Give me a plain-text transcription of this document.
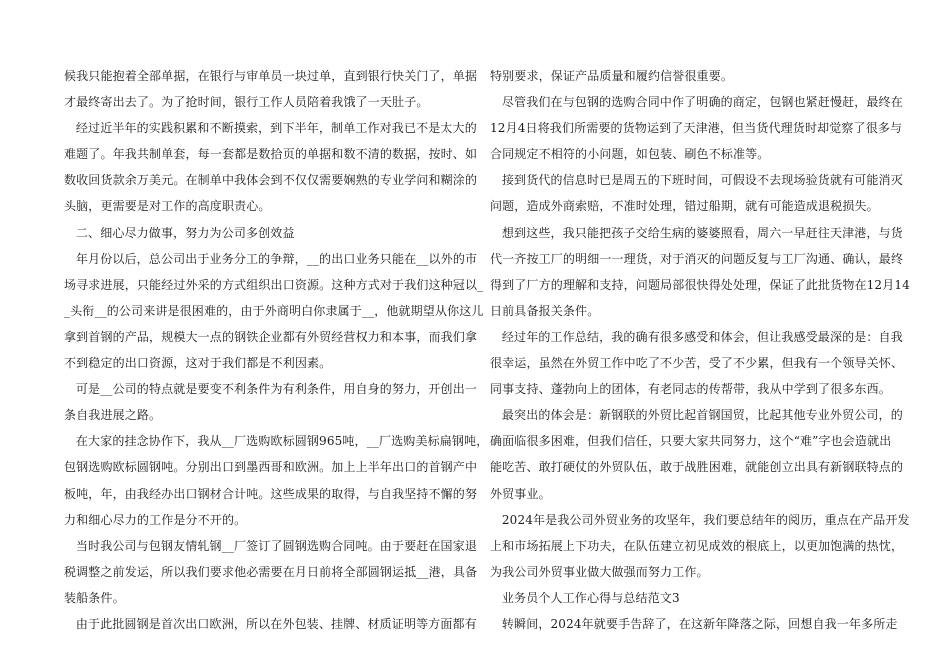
候我只能抱着全部单据，在银行与审单员一块过单，直到银行快关门了，单据

才最终寄出去了。为了抢时间，银行工作人员陪着我饿了一天肚子。

经过近半年的实践积累和不断摸索，到下半年，制单工作对我已不是太大的

难题了。年我共制单套，每一套都是数拾页的单据和数不清的数据，按时、如

数收回货款余万美元。在制单中我体会到不仅仅需要娴熟的专业学问和糊涂的

头脑，更需要是对工作的高度职责心。

二、细心尽力做事，努力为公司多创效益

年月份以后，总公司出于业务分工的争辩，__的出口业务只能在__以外的市

场寻求进展，只能经过外采的方式组织出口资源。这种方式对于我们这种冠以_

_头衔__的公司来讲是很困难的，由于外商明白你隶属于__，他就期望从你这儿

拿到首钢的产品，规模大一点的钢铁企业都有外贸经营权力和本事，而我们拿

不到稳定的出口资源，这对于我们都是不利因素。

可是__公司的特点就是要变不利条件为有利条件，用自身的努力，开创出一

条自我进展之路。

在大家的挂念协作下，我从__厂选购欧标圆钢965吨，__厂选购美标扁钢吨，

包钢选购欧标圆钢吨。分别出口到墨西哥和欧洲。加上上半年出口的首钢产中

板吨，年，由我经办出口钢材合计吨。这些成果的取得，与自我坚持不懈的努

力和细心尽力的工作是分不开的。

当时我公司与包钢友情轧钢__厂签订了圆钢选购合同吨。由于要赶在国家退

税调整之前发运，所以我们要求他必需要在月日前将全部圆钢运抵__港，具备

装船条件。

由于此批圆钢是首次出口欧洲，所以在外包装、挂牌、材质证明等方面都有

特别要求，保证产品质量和履约信誉很重要。

尽管我们在与包钢的选购合同中作了明确的商定，包钢也紧赶慢赶，最终在

12月4日将我们所需要的货物运到了天津港，但当货代理货时却觉察了很多与

合同规定不相符的小问题，如包装、刷色不标准等。

接到货代的信息时已是周五的下班时间，可假设不去现场验货就有可能消灭

问题，造成外商索赔，不准时处理，错过船期，就有可能造成退税损失。

想到这些，我只能把孩子交给生病的婆婆照看，周六一早赶往天津港，与货

代一齐按工厂的明细一一理货，对于消灭的问题反复与工厂沟通、确认，最终

得到了厂方的理解和支持，问题局部很快得处处理，保证了此批货物在12月14

日前具备报关条件。

经过年的工作总结，我的确有很多感受和体会，但让我感受最深的是：自我

很幸运，虽然在外贸工作中吃了不少苦，受了不少累，但我有一个领导关怀、

同事支持、蓬勃向上的团体，有老同志的传帮带，我从中学到了很多东西。

最突出的体会是：新钢联的外贸比起首钢国贸，比起其他专业外贸公司，的

确面临很多困难，但我们信任，只要大家共同努力，这个“难”字也会造就出

能吃苦、敢打硬仗的外贸队伍，敢于战胜困难，就能创立出具有新钢联特点的

外贸事业。

2024年是我公司外贸业务的攻坚年，我们要总结年的阅历，重点在产品开发

上和市场拓展上下功夫，在队伍建立初见成效的根底上，以更加饱满的热忱，

为我公司外贸事业做大做强而努力工作。

业务员个人工作心得与总结范文3

转瞬间，2024年就要手告辞了，在这新年降落之际，回想自我一年多所走
